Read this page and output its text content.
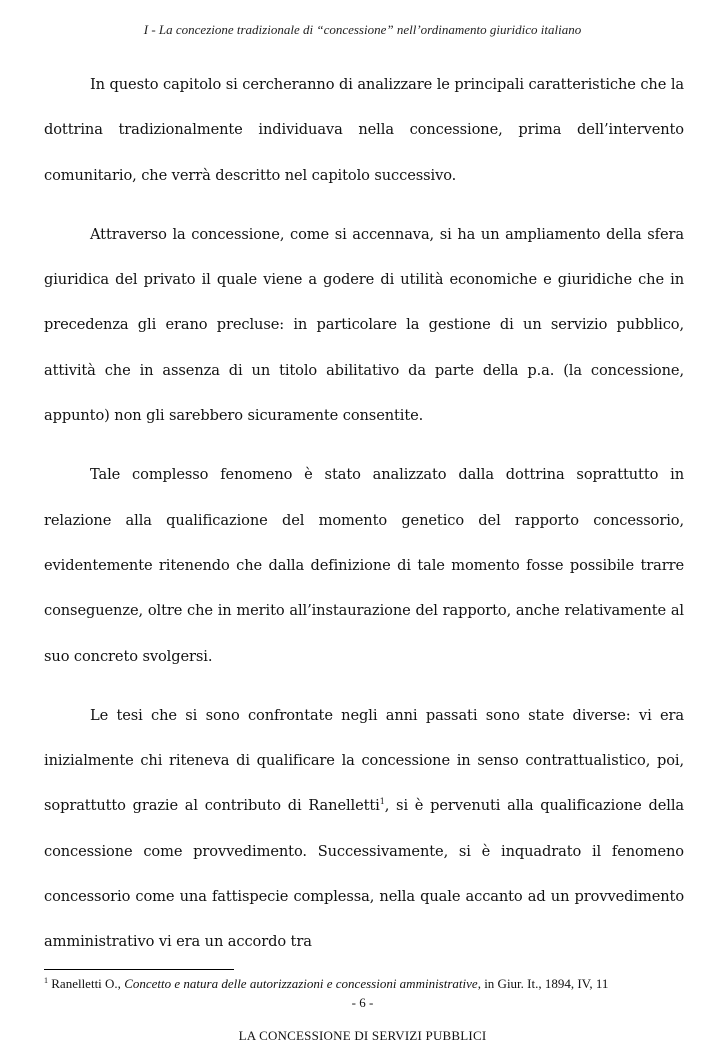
I - La concezione tradizionale di “concessione” nell’ordinamento giuridico italiano

In questo capitolo si cercheranno di analizzare le principali caratteristiche che la dottrina tradizionalmente individuava nella concessione, prima dell’intervento comunitario, che verrà descritto nel capitolo successivo.

Attraverso la concessione, come si accennava, si ha un ampliamento della sfera giuridica del privato il quale viene a godere di utilità economiche e giuridiche che in precedenza gli erano precluse: in particolare la gestione di un servizio pubblico, attività che in assenza di un titolo abilitativo da parte della p.a. (la concessione, appunto) non gli sarebbero sicuramente consentite.

Tale complesso fenomeno è stato analizzato dalla dottrina soprattutto in relazione alla qualificazione del momento genetico del rapporto concessorio, evidentemente ritenendo che dalla definizione di tale momento fosse possibile trarre conseguenze, oltre che in merito all’instaurazione del rapporto, anche relativamente al suo concreto svolgersi.

Le tesi che si sono confrontate negli anni passati sono state diverse: vi era inizialmente chi riteneva di qualificare la concessione in senso contrattualistico, poi, soprattutto grazie al contributo di Ranelletti$^1$, si è pervenuti alla qualificazione della concessione come provvedimento. Successivamente, si è inquadrato il fenomeno concessorio come una fattispecie complessa, nella quale accanto ad un provvedimento amministrativo vi era un accordo tra

$^1$ Ranelletti O., Concetto e natura delle autorizzazioni e concessioni amministrative, in Giur. It., 1894, IV, 11
- 6 -
LA CONCESSIONE DI SERVIZI PUBBLICI
